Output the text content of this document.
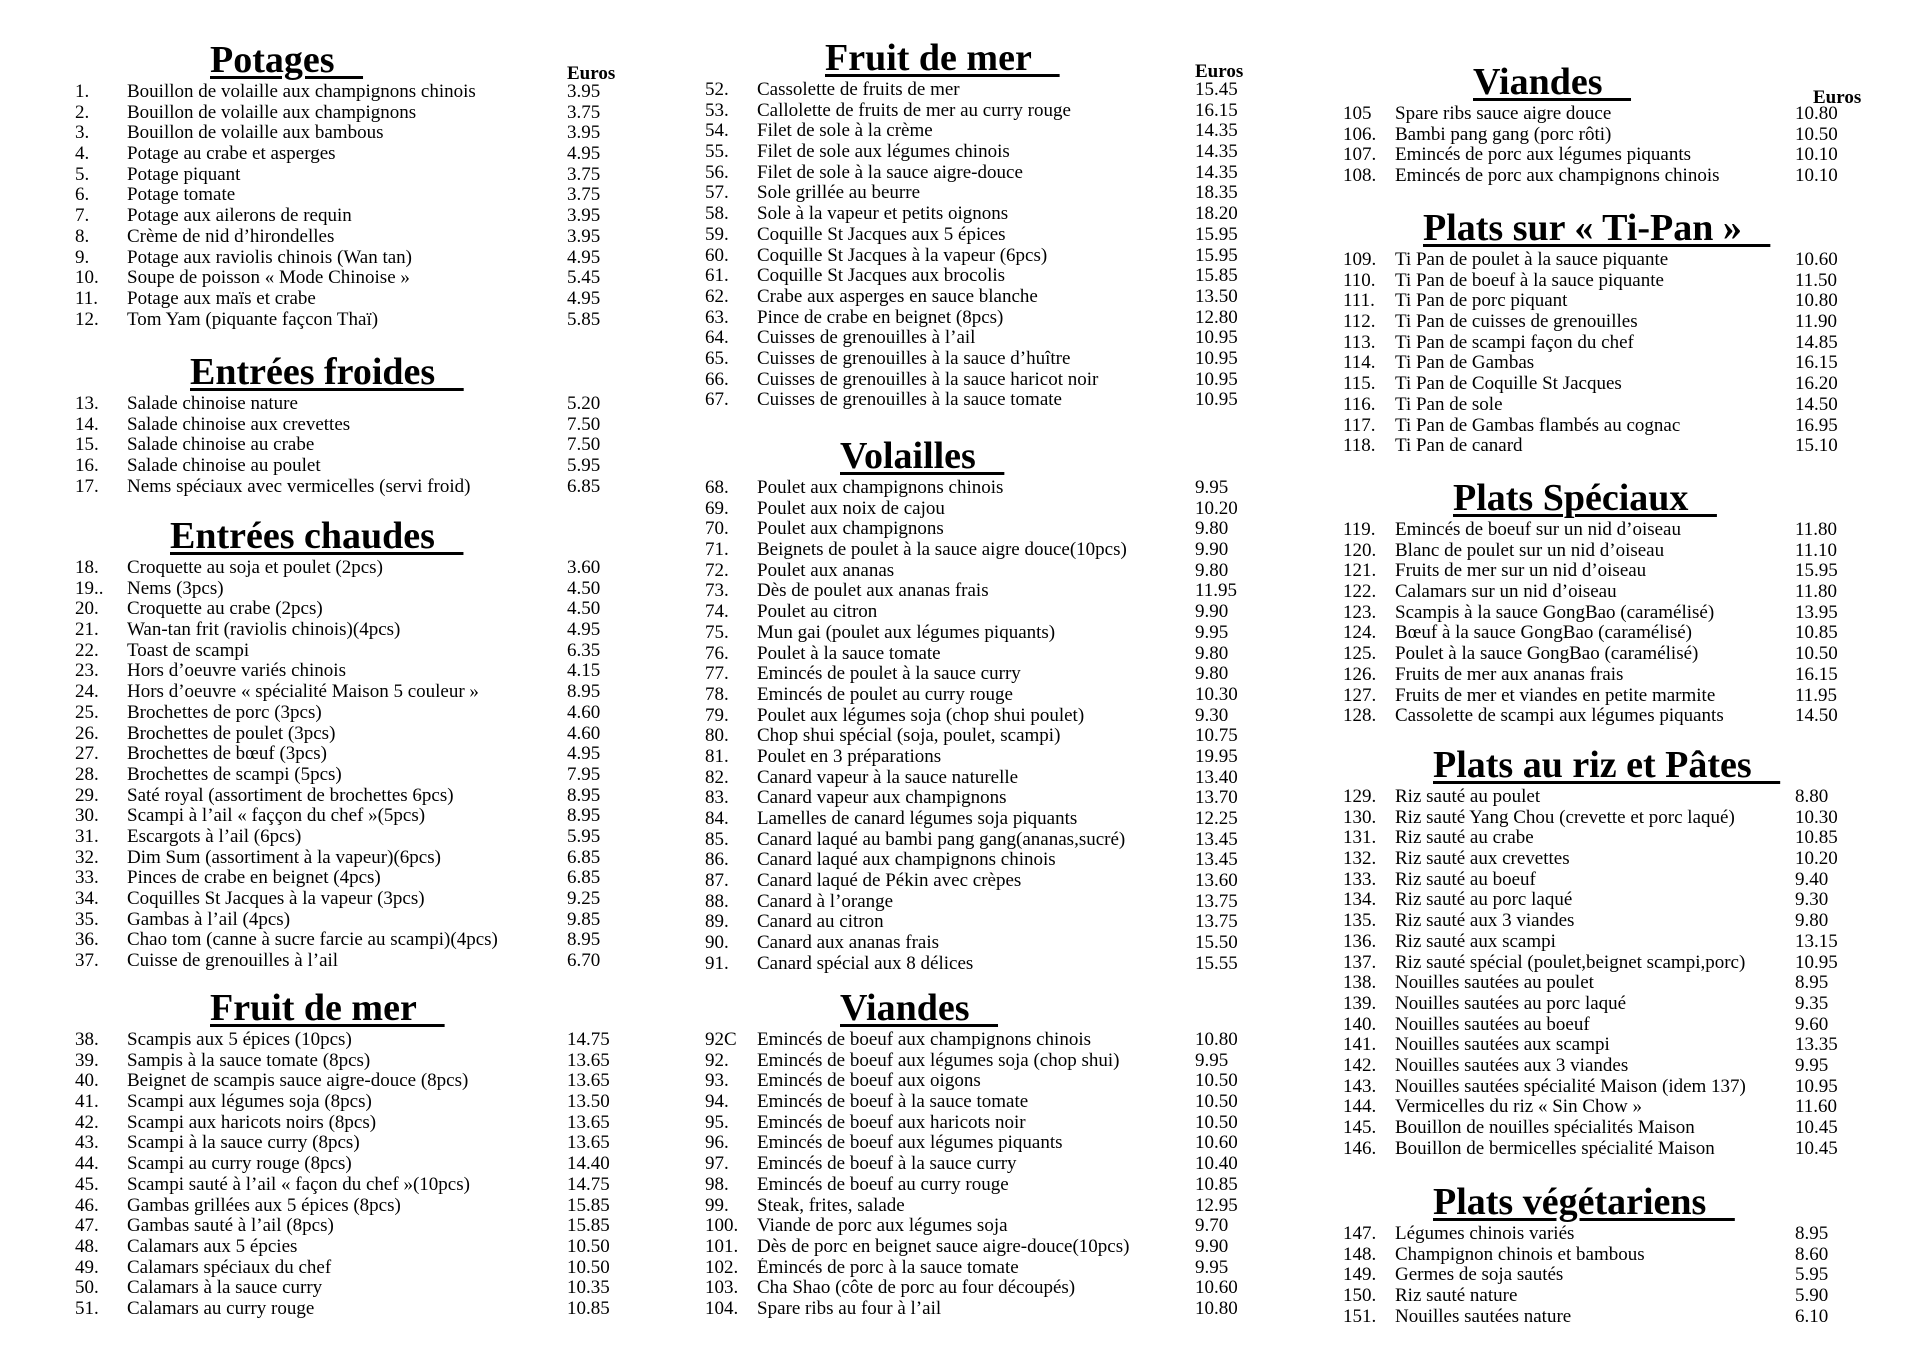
Potages	Euros
1.	Bouillon de volaille aux champignons chinois	3.95
2.	Bouillon de volaille aux champignons	3.75
3.	Bouillon de volaille aux bambous	3.95
4.	Potage au crabe et asperges	4.95
5.	Potage piquant	3.75
6.	Potage tomate	3.75
7.	Potage aux ailerons de requin	3.95
8.	Crème de nid d’hirondelles	3.95
9.	Potage aux raviolis chinois (Wan tan)	4.95
10.	Soupe de poisson « Mode Chinoise »	5.45
11.	Potage aux maïs et crabe	4.95
12.	Tom Yam (piquante façcon Thaï)	5.85
Entrées froides
13.	Salade chinoise nature	5.20
14.	Salade chinoise aux crevettes	7.50
15.	Salade chinoise au crabe	7.50
16.	Salade chinoise au poulet	5.95
17.	Nems spéciaux avec vermicelles (servi froid)	6.85
Entrées chaudes
18.	Croquette au soja et poulet (2pcs)	3.60
19..	Nems (3pcs)	4.50
20.	Croquette au crabe (2pcs)	4.50
21.	Wan-tan frit (raviolis chinois)(4pcs)	4.95
22.	Toast de scampi	6.35
23.	Hors d’oeuvre variés chinois	4.15
24.	Hors d’oeuvre « spécialité Maison 5 couleur »	8.95
25.	Brochettes de porc (3pcs)	4.60
26.	Brochettes de poulet (3pcs)	4.60
27.	Brochettes de bœuf (3pcs)	4.95
28.	Brochettes de scampi (5pcs)	7.95
29.	Saté royal (assortiment de brochettes 6pcs)	8.95
30.	Scampi à l’ail « faççon du chef »(5pcs)	8.95
31.	Escargots à l’ail (6pcs)	5.95
32.	Dim Sum (assortiment à la vapeur)(6pcs)	6.85
33.	Pinces de crabe en beignet (4pcs)	6.85
34.	Coquilles St Jacques à la vapeur (3pcs)	9.25
35.	Gambas à l’ail (4pcs)	9.85
36.	Chao tom (canne à sucre farcie au scampi)(4pcs)	8.95
37.	Cuisse de grenouilles à l’ail	6.70
Fruit de mer
38.	Scampis aux 5 épices (10pcs)	14.75
39.	Sampis à la sauce tomate (8pcs)	13.65
40.	Beignet de scampis sauce aigre-douce (8pcs)	13.65
41.	Scampi aux légumes soja (8pcs)	13.50
42.	Scampi aux haricots noirs (8pcs)	13.65
43.	Scampi à la sauce curry (8pcs)	13.65
44.	Scampi au curry rouge (8pcs)	14.40
45.	Scampi sauté à l’ail « façon du chef »(10pcs)	14.75
46.	Gambas grillées aux 5 épices (8pcs)	15.85
47.	Gambas sauté à l’ail (8pcs)	15.85
48.	Calamars aux 5 épcies	10.50
49.	Calamars spéciaux du chef	10.50
50.	Calamars à la sauce curry	10.35
51.	Calamars au curry rouge	10.85
Fruit de mer	Euros
52.	Cassolette de fruits de mer	15.45
53.	Callolette de fruits de mer au curry rouge	16.15
54.	Filet de sole à la crème	14.35
55.	Filet de sole aux légumes chinois	14.35
56.	Filet de sole à la sauce aigre-douce	14.35
57.	Sole grillée au beurre	18.35
58.	Sole à la vapeur et petits oignons	18.20
59.	Coquille St Jacques aux 5 épices	15.95
60.	Coquille St Jacques à la vapeur (6pcs)	15.95
61.	Coquille St Jacques aux brocolis	15.85
62.	Crabe aux asperges en sauce blanche	13.50
63.	Pince de crabe en beignet (8pcs)	12.80
64.	Cuisses de grenouilles à l’ail	10.95
65.	Cuisses de grenouilles à la sauce d’huître	10.95
66.	Cuisses de grenouilles à la sauce haricot noir	10.95
67.	Cuisses de grenouilles à la sauce tomate	10.95
Volailles
68.	Poulet aux champignons chinois	9.95
69.	Poulet aux noix de cajou	10.20
70.	Poulet aux champignons	9.80
71.	Beignets de poulet à la sauce aigre douce(10pcs)	9.90
72.	Poulet aux ananas	9.80
73.	Dès de poulet aux ananas frais	11.95
74.	Poulet au citron	9.90
75.	Mun gai (poulet aux légumes piquants)	9.95
76.	Poulet à la sauce tomate	9.80
77.	Emincés de poulet à la sauce curry	9.80
78.	Emincés de poulet au curry rouge	10.30
79.	Poulet aux légumes soja (chop shui poulet)	9.30
80.	Chop shui spécial (soja, poulet, scampi)	10.75
81.	Poulet en 3 préparations	19.95
82.	Canard vapeur à la sauce naturelle	13.40
83.	Canard vapeur aux champignons	13.70
84.	Lamelles de canard légumes soja piquants	12.25
85.	Canard laqué au bambi pang gang(ananas,sucré)	13.45
86.	Canard laqué aux champignons chinois	13.45
87.	Canard laqué de Pékin avec crèpes	13.60
88.	Canard à l’orange	13.75
89.	Canard au citron	13.75
90.	Canard aux ananas frais	15.50
91.	Canard spécial aux 8 délices	15.55
Viandes
92C	Emincés de boeuf aux champignons chinois	10.80
92.	Emincés de boeuf aux légumes soja (chop shui)	9.95
93.	Emincés de boeuf aux oigons	10.50
94.	Emincés de boeuf à la sauce tomate	10.50
95.	Emincés de boeuf aux haricots noir	10.50
96.	Emincés de boeuf aux légumes piquants	10.60
97.	Emincés de boeuf à la sauce curry	10.40
98.	Emincés de boeuf au curry rouge	10.85
99.	Steak, frites, salade	12.95
100. Viande de porc aux légumes soja	9.70
101. Dès de porc en beignet sauce aigre-douce(10pcs)	9.90
102. Émincés de porc à la sauce tomate	9.95
103. Cha Shao (côte de porc au four découpés)	10.60
104. Spare ribs au four à l’ail	10.80
Viandes	Euros
105	Spare ribs sauce aigre douce	10.80
106. Bambi pang gang (porc rôti)	10.50
107. Emincés de porc aux légumes piquants	10.10
108. Emincés de porc aux champignons chinois	10.10
Plats sur « Ti-Pan »
109. Ti Pan de poulet à la sauce piquante	10.60
110.	Ti Pan de boeuf à la sauce piquante	11.50
111.	Ti Pan de porc piquant	10.80
112.	Ti Pan de cuisses de grenouilles	11.90
113.	Ti Pan de scampi façon du chef	14.85
114.	Ti Pan de Gambas	16.15
115.	Ti Pan de Coquille St Jacques	16.20
116.	Ti Pan de sole	14.50
117.	Ti Pan de Gambas flambés au cognac	16.95
118.	Ti Pan de canard	15.10
Plats Spéciaux
119.	Emincés de boeuf sur un nid d’oiseau	11.80
120. Blanc de poulet sur un nid d’oiseau	11.10
121. Fruits de mer sur un nid d’oiseau	15.95
122. Calamars sur un nid d’oiseau	11.80
123. Scampis à la sauce GongBao (caramélisé)	13.95
124. Bœuf à la sauce GongBao (caramélisé)	10.85
125. Poulet à la sauce GongBao (caramélisé)	10.50
126. Fruits de mer aux ananas frais	16.15
127. Fruits de mer et viandes en petite marmite	11.95
128. Cassolette de scampi aux légumes piquants	14.50
Plats au riz et Pâtes
129. Riz sauté au poulet	8.80
130. Riz sauté Yang Chou (crevette et porc laqué)	10.30
131. Riz sauté au crabe	10.85
132. Riz sauté aux crevettes	10.20
133. Riz sauté au boeuf	9.40
134. Riz sauté au porc laqué	9.30
135. Riz sauté aux 3 viandes	9.80
136. Riz sauté aux scampi	13.15
137. Riz sauté spécial (poulet,beignet scampi,porc)	10.95
138. Nouilles sautées au poulet	8.95
139. Nouilles sautées au porc laqué	9.35
140. Nouilles sautées au boeuf	9.60
141. Nouilles sautées aux scampi	13.35
142. Nouilles sautées aux 3 viandes	9.95
143. Nouilles sautées spécialité Maison (idem 137)	10.95
144. Vermicelles du riz « Sin Chow »	11.60
145. Bouillon de nouilles spécialités Maison	10.45
146. Bouillon de bermicelles spécialité Maison	10.45
Plats végétariens
147. Légumes chinois variés	8.95
148. Champignon chinois et bambous	8.60
149. Germes de soja sautés	5.95
150. Riz sauté nature	5.90
151. Nouilles sautées nature	6.10
